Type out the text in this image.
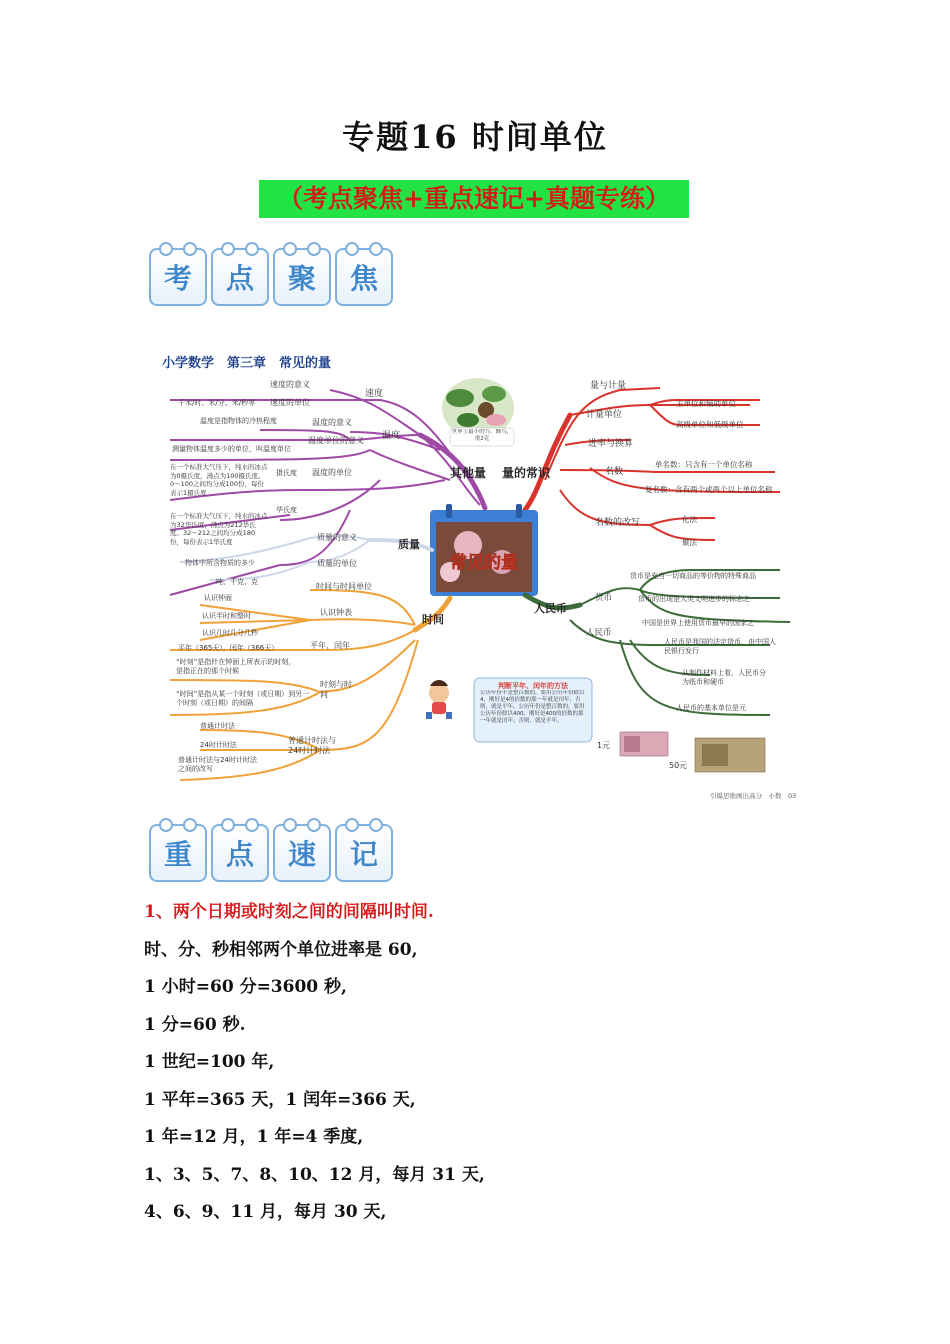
专题16 时间单位
（考点聚焦+重点速记+真题专练）
考	点	聚	焦
小学数学　第三章　常见的量
其他量
速度
速度的意义
速度的单位
千米/时、米/分、米/秒等
温度的意义
温度是指物体的冷热程度
温度
温度单位的意义
测量物体温度多少的单位，叫温度单位
温度的单位
摄氏度
在一个标准大气压下，纯水的冰点为0摄氏度，沸点为100摄氏度。0～100之间均分成100份，每份表示1摄氏度
华氏度
在一个标准大气压下，纯水的冰点为32华氏度，沸点为212华氏度。32～212之间均分成180份，每份表示1华氏度
世界上最小的鸟：蜂鸟，重2克
量的常识
量与计量
计量单位
主单位和辅助单位
高级单位和低级单位
进率与换算
名数
单名数：只含有一个单位名称
复名数：含有两个或两个以上单位名称
名数的改写	化法
聚法
常见的量
人民币
货币
货币是充当一切商品的等价物的特殊商品
货币的出现是人类文明进步的标志之一
中国是世界上使用货币最早的国家之一
人民币
人民币是我国的法定货币，由中国人民银行发行
从制作材料上看，人民币分为纸币和硬币
人民币的基本单位是元
时间
时间与时间单位
认识钟表
认识钟面
认识半时和整时
认识几时几分几秒
平年、闰年
平年（365天），闰年（366天）
时刻与时间
“时刻”是指针在钟面上所表示的时刻，是指正在的那个时候
“时间”是指从某一个时刻（或日期）到另一个时刻（或日期）的间隔
普通计时法与24时计时法
普通计时法
24时计时法
普通计时法与24时计时法之间的改写
质量
质量的意义
物体中所含物质的多少	质量的单位
吨、千克、克
判断平年、闰年的方法
公历年份不是整百数的，要用公历年份除以4，刚好是4的倍数的那一年就是闰年；否则，就是平年。公历年份是整百数的，要用公历年份除以400，刚好是400的倍数的那一年就是闰年；否则，就是平年。
1元
50元
引爆思维画出高分　小数　03
重	点	速	记
1、两个日期或时刻之间的间隔叫时间.
时、分、秒相邻两个单位进率是 60,
1 小时=60 分=3600 秒,
1 分=60 秒.
1 世纪=100 年,
1 平年=365 天，1 闰年=366 天,
1 年=12 月，1 年=4 季度,
1、3、5、7、8、10、12 月，每月 31 天,
4、6、9、11 月，每月 30 天,
